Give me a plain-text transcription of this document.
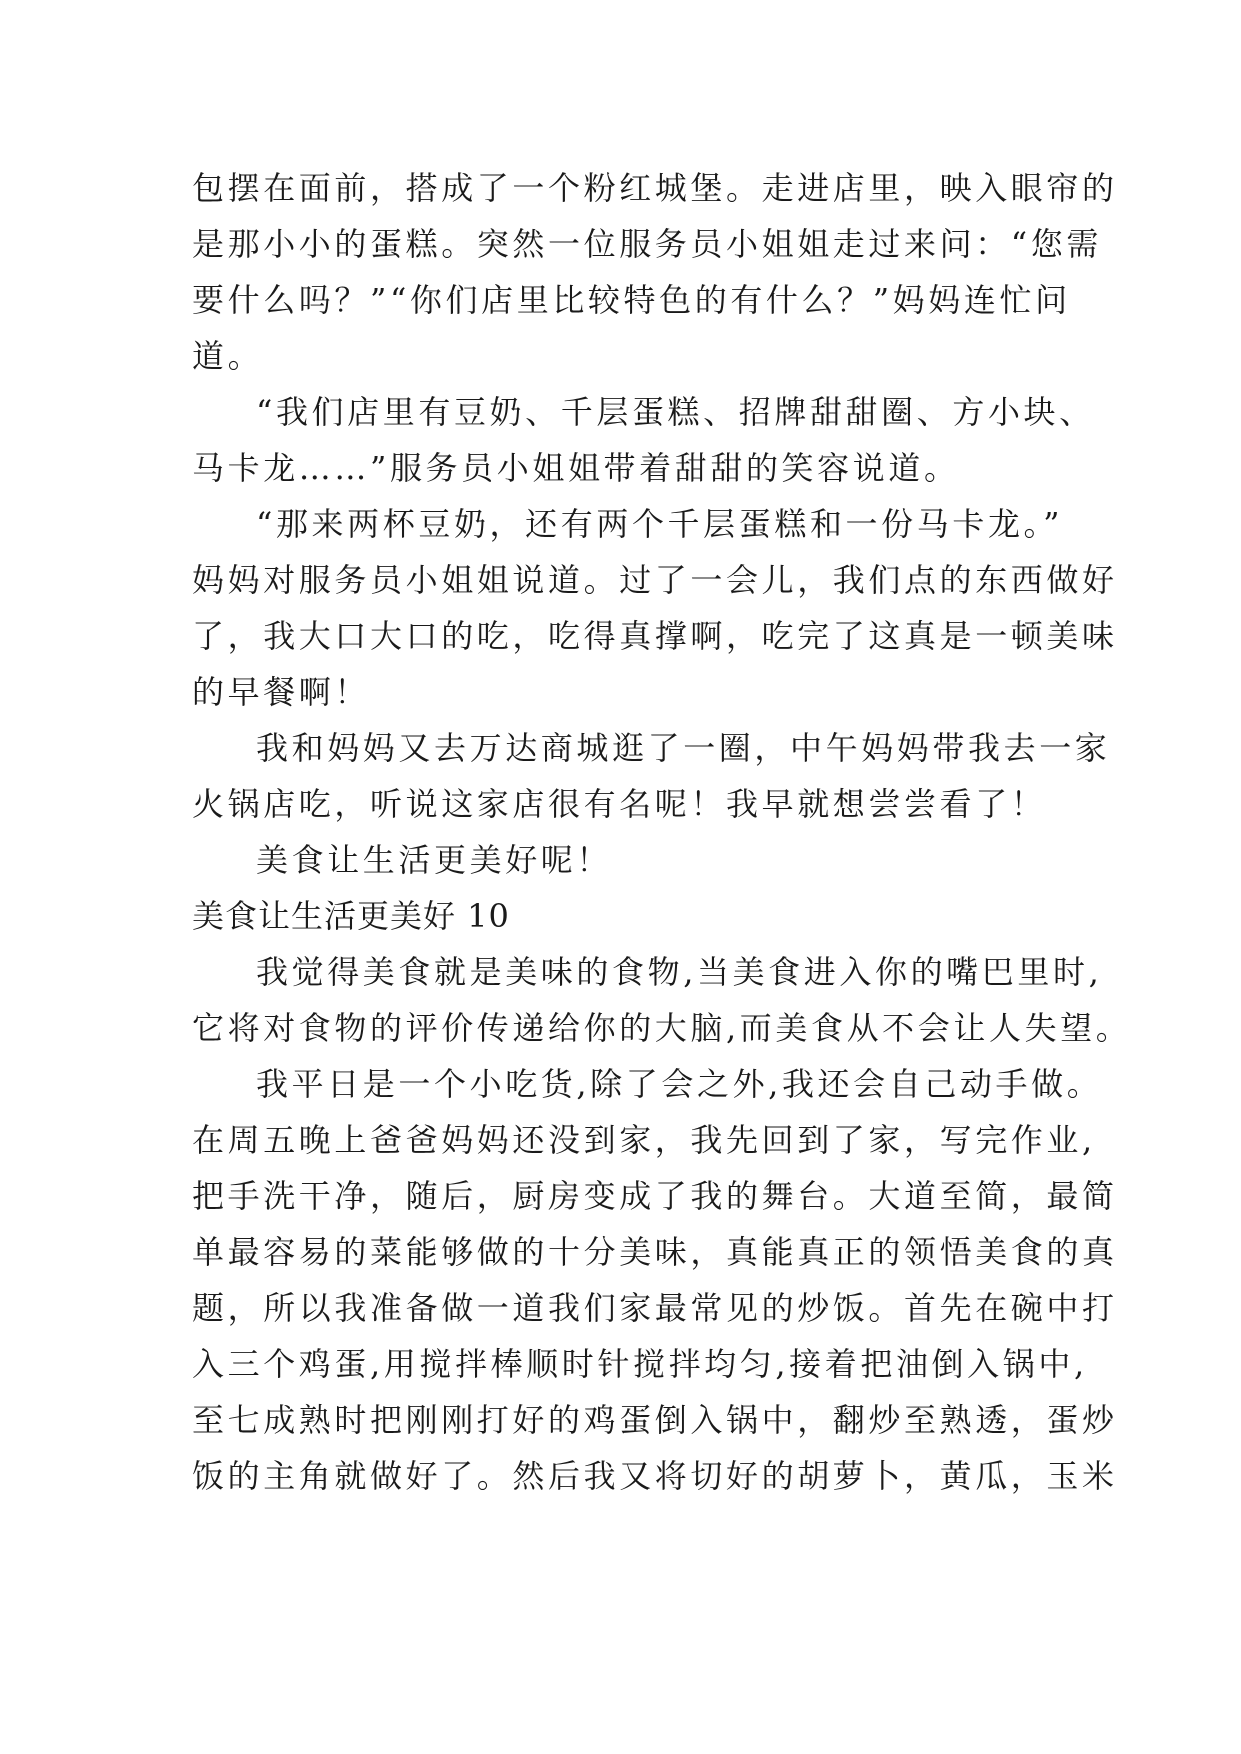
包摆在面前，搭成了一个粉红城堡。走进店里，映入眼帘的
是那小小的蛋糕。突然一位服务员小姐姐走过来问：“您需
要什么吗？”“你们店里比较特色的有什么？”妈妈连忙问
道。
“我们店里有豆奶、千层蛋糕、招牌甜甜圈、方小块、
马卡龙……”服务员小姐姐带着甜甜的笑容说道。
“那来两杯豆奶，还有两个千层蛋糕和一份马卡龙。”
妈妈对服务员小姐姐说道。过了一会儿，我们点的东西做好
了，我大口大口的吃，吃得真撑啊，吃完了这真是一顿美味
的早餐啊！
我和妈妈又去万达商城逛了一圈，中午妈妈带我去一家
火锅店吃，听说这家店很有名呢！我早就想尝尝看了！
美食让生活更美好呢！
美食让生活更美好 10
我觉得美食就是美味的食物,当美食进入你的嘴巴里时,
它将对食物的评价传递给你的大脑,而美食从不会让人失望。
我平日是一个小吃货,除了会之外,我还会自己动手做。
在周五晚上爸爸妈妈还没到家，我先回到了家，写完作业,
把手洗干净，随后，厨房变成了我的舞台。大道至简，最简
单最容易的菜能够做的十分美味，真能真正的领悟美食的真
题，所以我准备做一道我们家最常见的炒饭。首先在碗中打
入三个鸡蛋,用搅拌棒顺时针搅拌均匀,接着把油倒入锅中,
至七成熟时把刚刚打好的鸡蛋倒入锅中，翻炒至熟透，蛋炒
饭的主角就做好了。然后我又将切好的胡萝卜，黄瓜，玉米
